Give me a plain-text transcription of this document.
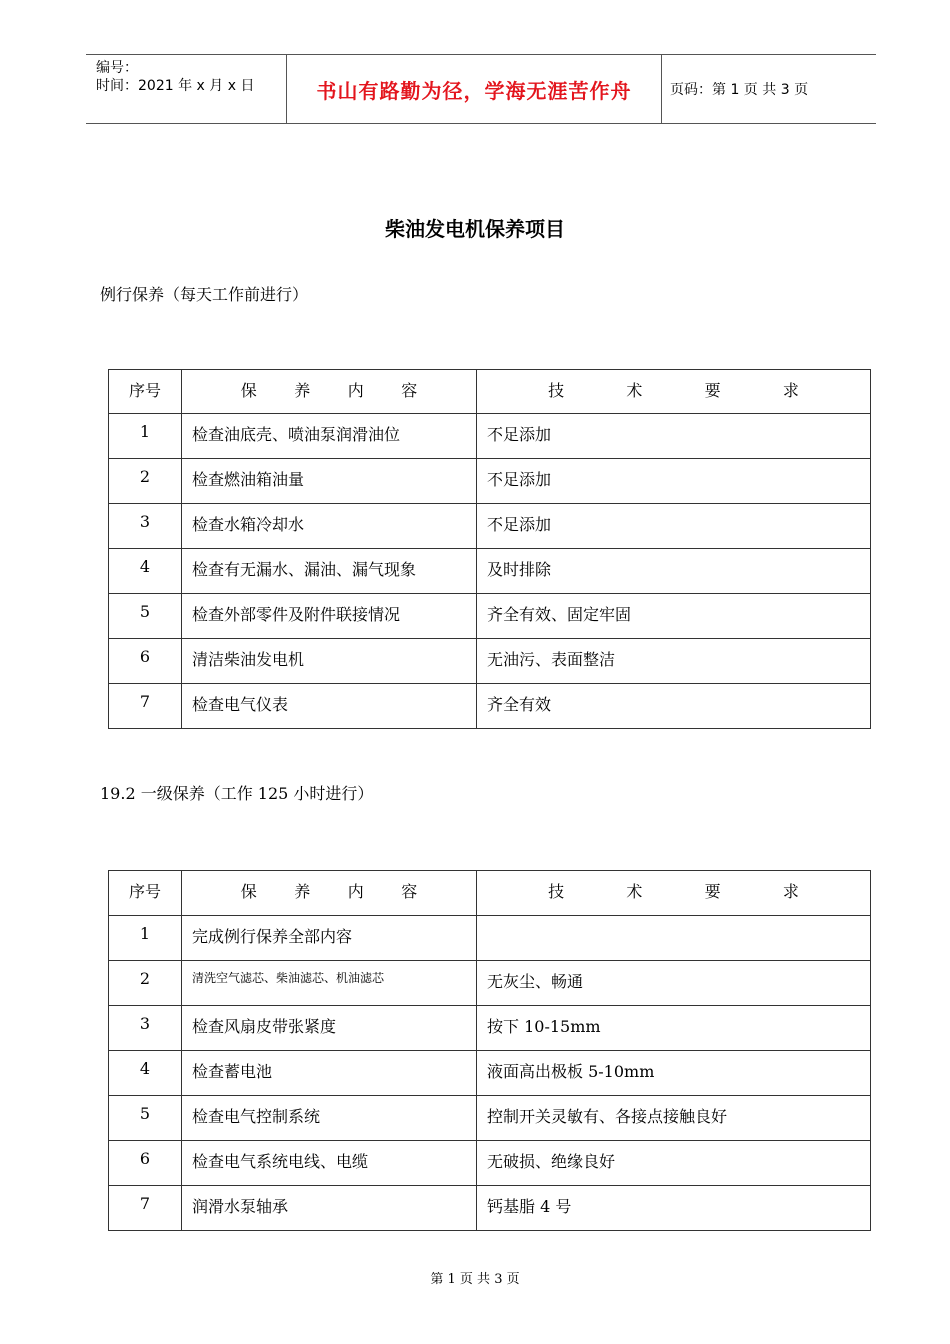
编号：
时间：2021 年 x 月 x 日	书山有路勤为径，学海无涯苦作舟	页码：第 1 页 共 3 页
柴油发电机保养项目
例行保养（每天工作前进行）
序号	保 养 内 容	技 术 要 求

1	检查油底壳、喷油泵润滑油位	不足添加
2	检查燃油箱油量	不足添加
3	检查水箱冷却水	不足添加
4	检查有无漏水、漏油、漏气现象	及时排除
5	检查外部零件及附件联接情况	齐全有效、固定牢固
6	清洁柴油发电机	无油污、表面整洁
7	检查电气仪表	齐全有效
19.2 一级保养（工作 125 小时进行）
序号	保 养 内 容	技 术 要 求

1	完成例行保养全部内容	
2	清洗空气滤芯、柴油滤芯、机油滤芯	无灰尘、畅通
3	检查风扇皮带张紧度	按下 10-15mm
4	检查蓄电池	液面高出极板 5-10mm
5	检查电气控制系统	控制开关灵敏有、各接点接触良好
6	检查电气系统电线、电缆	无破损、绝缘良好
7	润滑水泵轴承	钙基脂 4 号
第 1 页 共 3 页
